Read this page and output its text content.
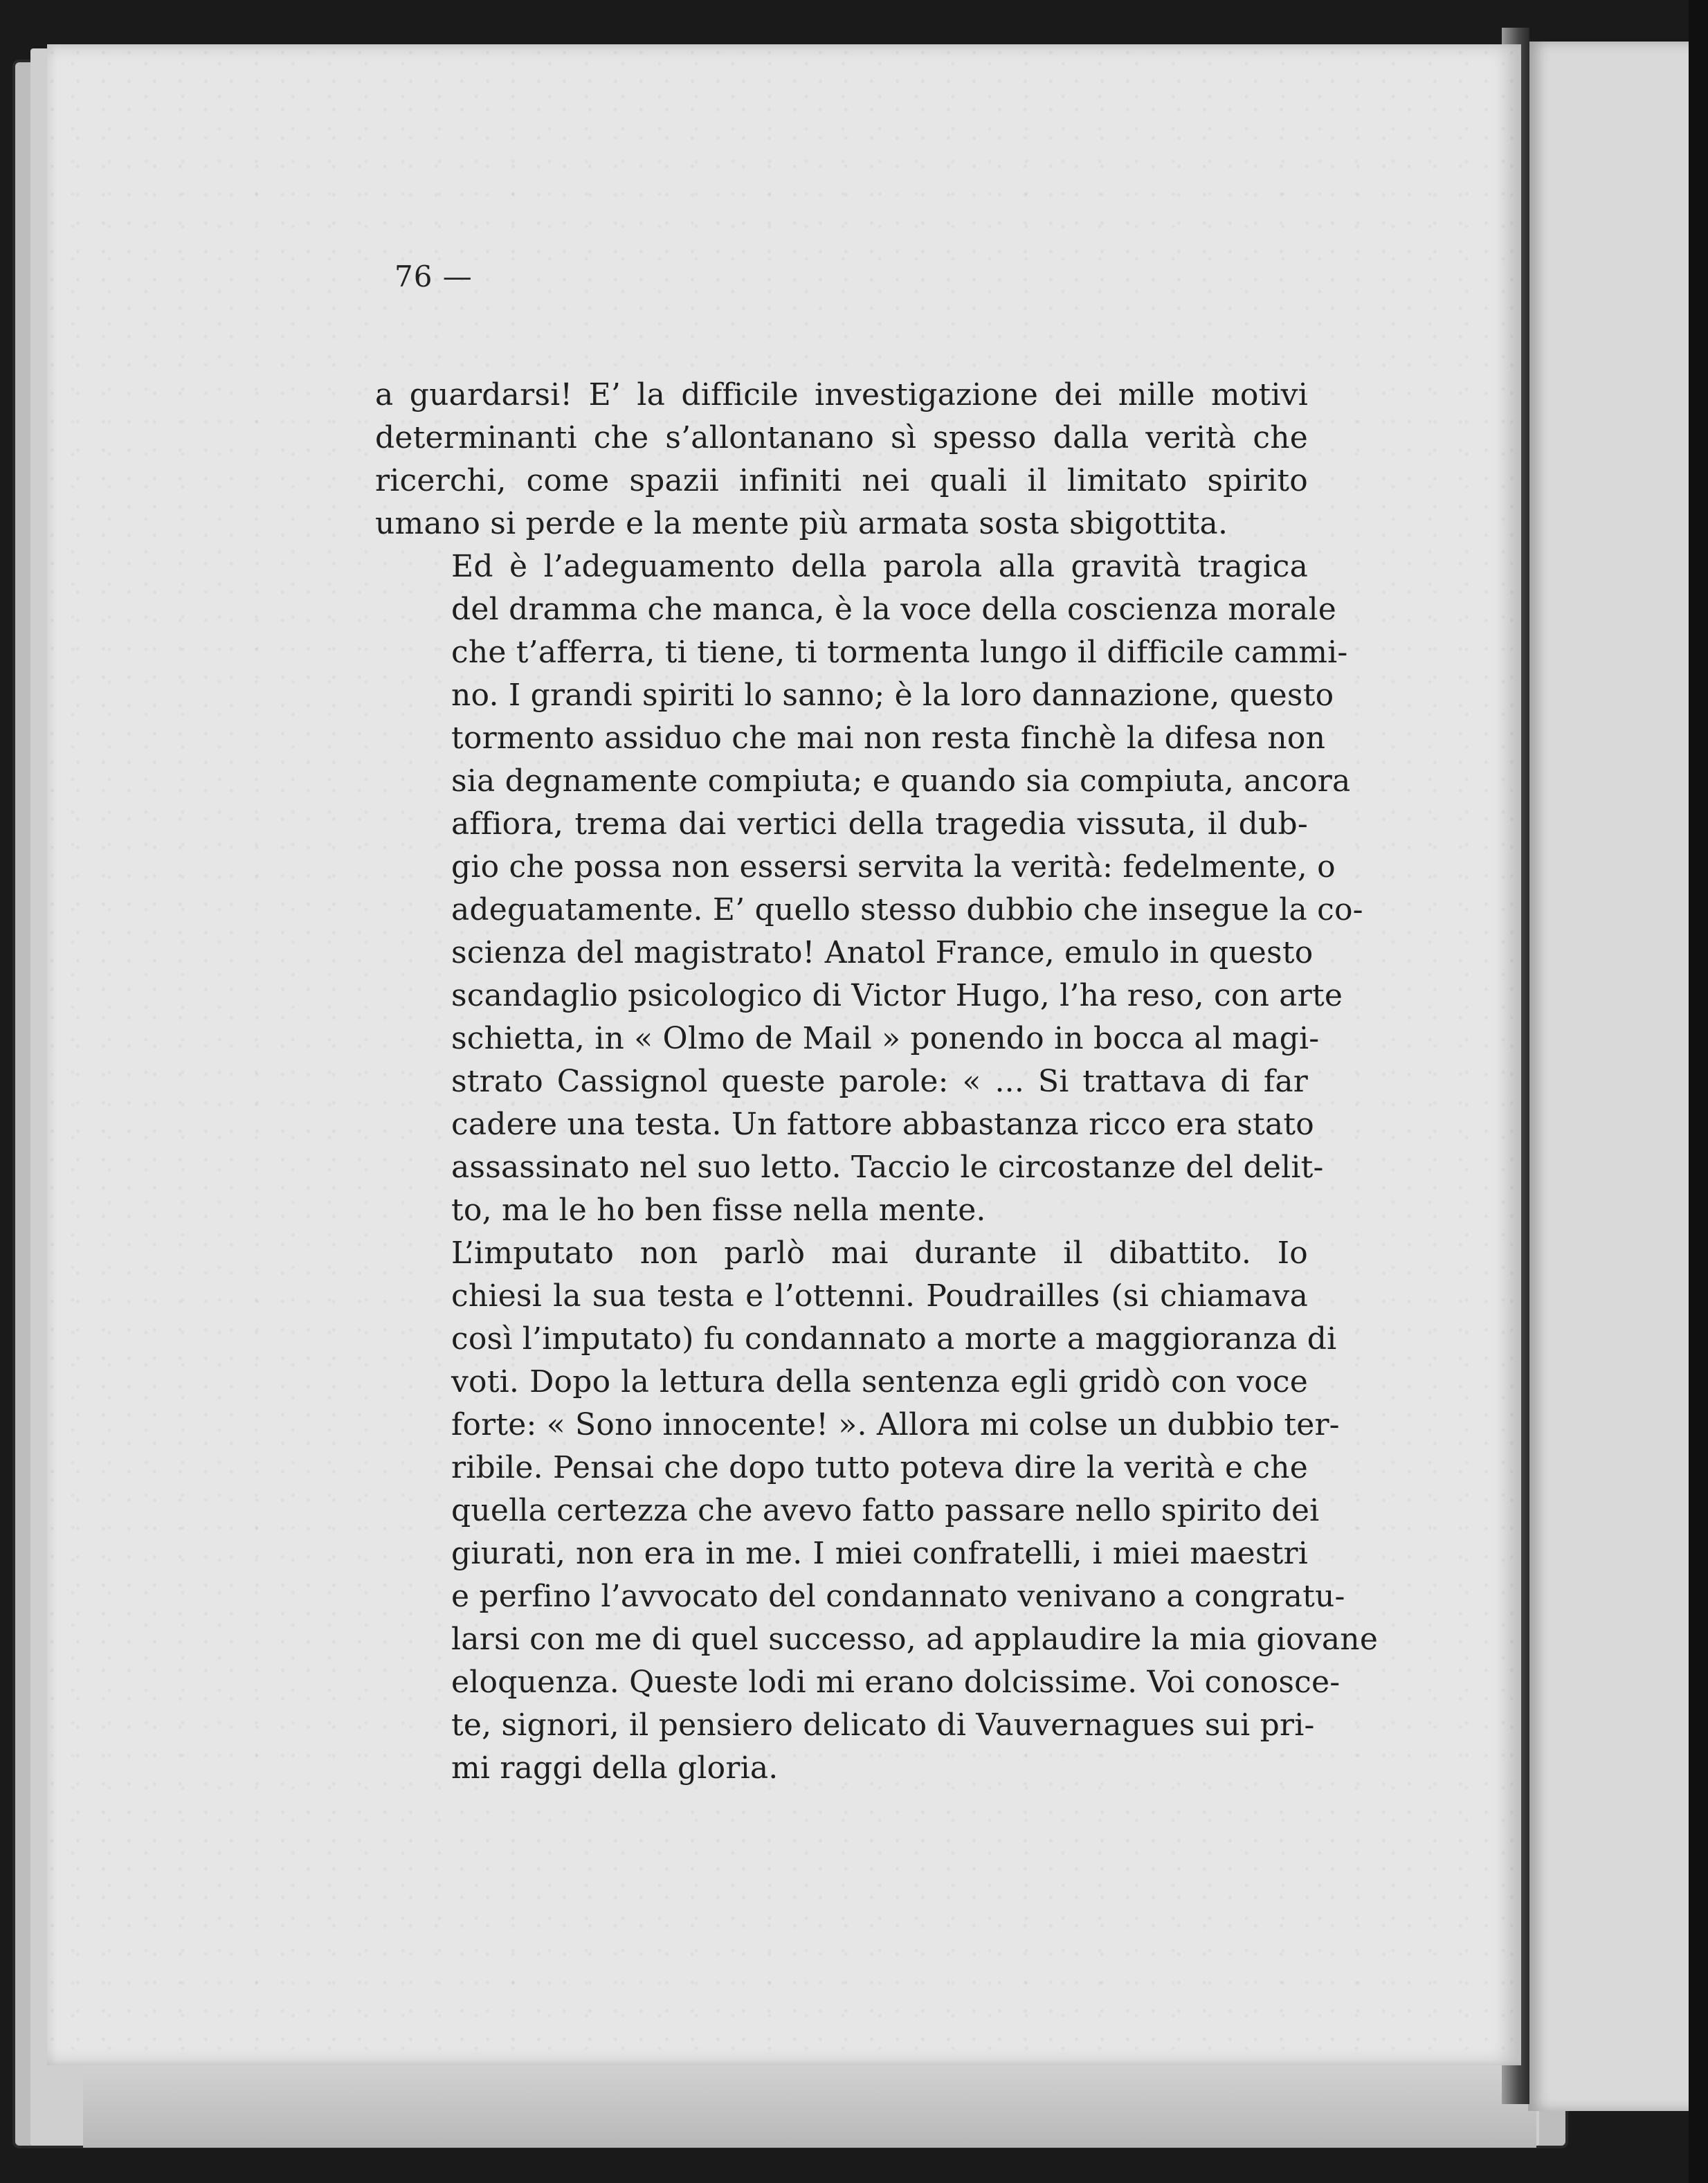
76 —
a guardarsi! E’ la difficile investigazione dei mille motivi
determinanti che s’allontanano sì spesso dalla verità che
ricerchi, come spazii infiniti nei quali il limitato spirito
umano si perde e la mente più armata sosta sbigottita.
Ed è l’adeguamento della parola alla gravità tragica
del dramma che manca, è la voce della coscienza morale
che t’afferra, ti tiene, ti tormenta lungo il difficile cammi-
no. I grandi spiriti lo sanno; è la loro dannazione, questo
tormento assiduo che mai non resta finchè la difesa non
sia degnamente compiuta; e quando sia compiuta, ancora
affiora, trema dai vertici della tragedia vissuta, il dub-
gio che possa non essersi servita la verità: fedelmente, o
adeguatamente. E’ quello stesso dubbio che insegue la co-
scienza del magistrato! Anatol France, emulo in questo
scandaglio psicologico di Victor Hugo, l’ha reso, con arte
schietta, in « Olmo de Mail » ponendo in bocca al magi-
strato Cassignol queste parole: « ... Si trattava di far
cadere una testa. Un fattore abbastanza ricco era stato
assassinato nel suo letto. Taccio le circostanze del delit-
to, ma le ho ben fisse nella mente.
L’imputato non parlò mai durante il dibattito. Io
chiesi la sua testa e l’ottenni. Poudrailles (si chiamava
così l’imputato) fu condannato a morte a maggioranza di
voti. Dopo la lettura della sentenza egli gridò con voce
forte: « Sono innocente! ». Allora mi colse un dubbio ter-
ribile. Pensai che dopo tutto poteva dire la verità e che
quella certezza che avevo fatto passare nello spirito dei
giurati, non era in me. I miei confratelli, i miei maestri
e perfino l’avvocato del condannato venivano a congratu-
larsi con me di quel successo, ad applaudire la mia giovane
eloquenza. Queste lodi mi erano dolcissime. Voi conosce-
te, signori, il pensiero delicato di Vauvernagues sui pri-
mi raggi della gloria.
